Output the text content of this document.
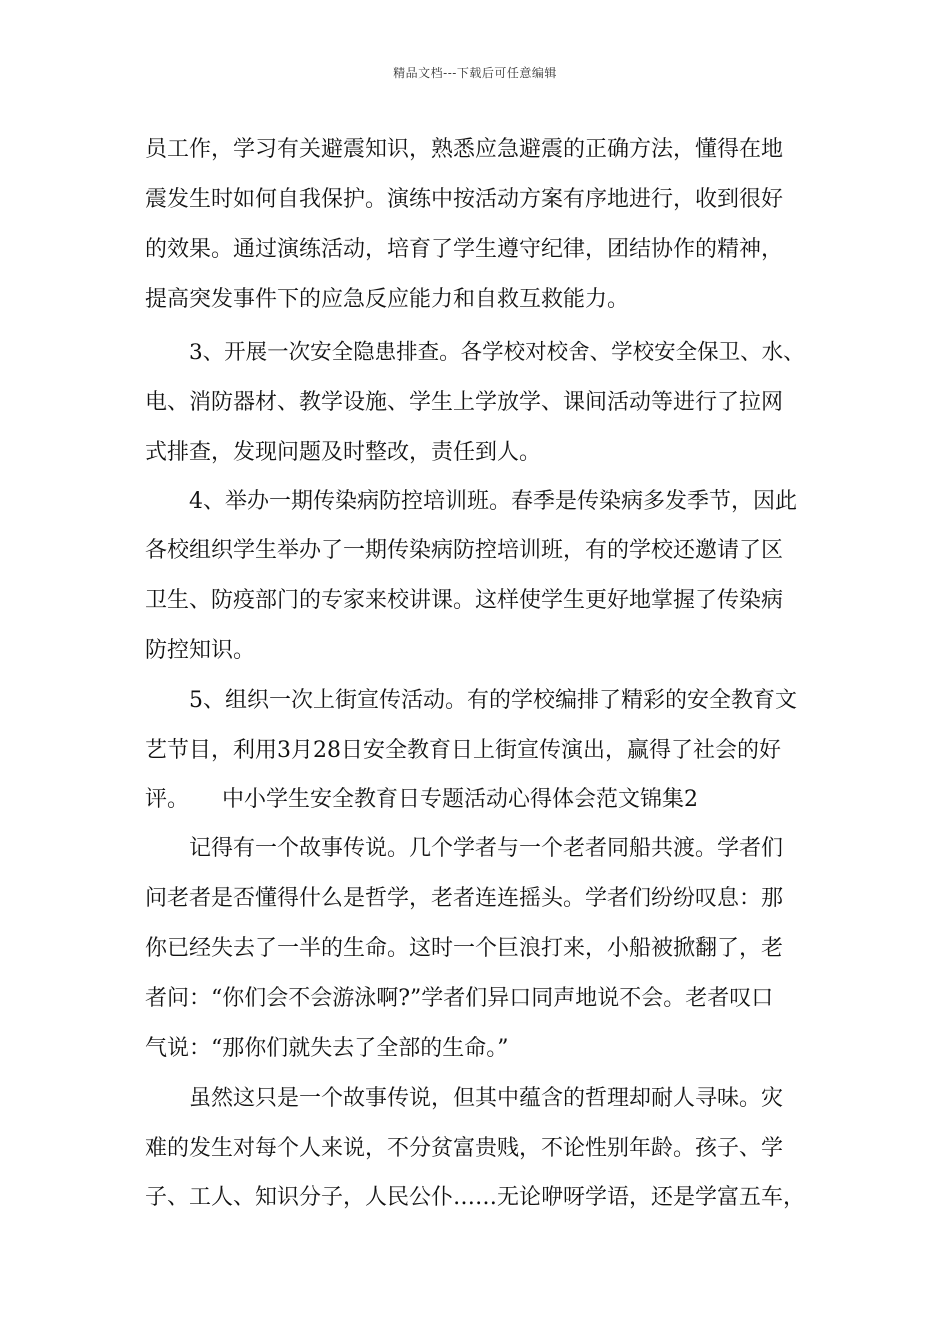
精品文档---下载后可任意编辑
员工作，学习有关避震知识，熟悉应急避震的正确方法，懂得在地
震发生时如何自我保护。演练中按活动方案有序地进行，收到很好
的效果。通过演练活动，培育了学生遵守纪律，团结协作的精神，
提高突发事件下的应急反应能力和自救互救能力。
3、开展一次安全隐患排查。各学校对校舍、学校安全保卫、水、
电、消防器材、教学设施、学生上学放学、课间活动等进行了拉网
式排查，发现问题及时整改，责任到人。
4、举办一期传染病防控培训班。春季是传染病多发季节，因此
各校组织学生举办了一期传染病防控培训班，有的学校还邀请了区
卫生、防疫部门的专家来校讲课。这样使学生更好地掌握了传染病
防控知识。
5、组织一次上街宣传活动。有的学校编排了精彩的安全教育文
艺节目，利用3月28日安全教育日上街宣传演出，赢得了社会的好
评。　　中小学生安全教育日专题活动心得体会范文锦集2
记得有一个故事传说。几个学者与一个老者同船共渡。学者们
问老者是否懂得什么是哲学，老者连连摇头。学者们纷纷叹息：那
你已经失去了一半的生命。这时一个巨浪打来，小船被掀翻了，老
者问：“你们会不会游泳啊?”学者们异口同声地说不会。老者叹口
气说：“那你们就失去了全部的生命。”
虽然这只是一个故事传说，但其中蕴含的哲理却耐人寻味。灾
难的发生对每个人来说，不分贫富贵贱，不论性别年龄。孩子、学
子、工人、知识分子，人民公仆……无论咿呀学语，还是学富五车，
